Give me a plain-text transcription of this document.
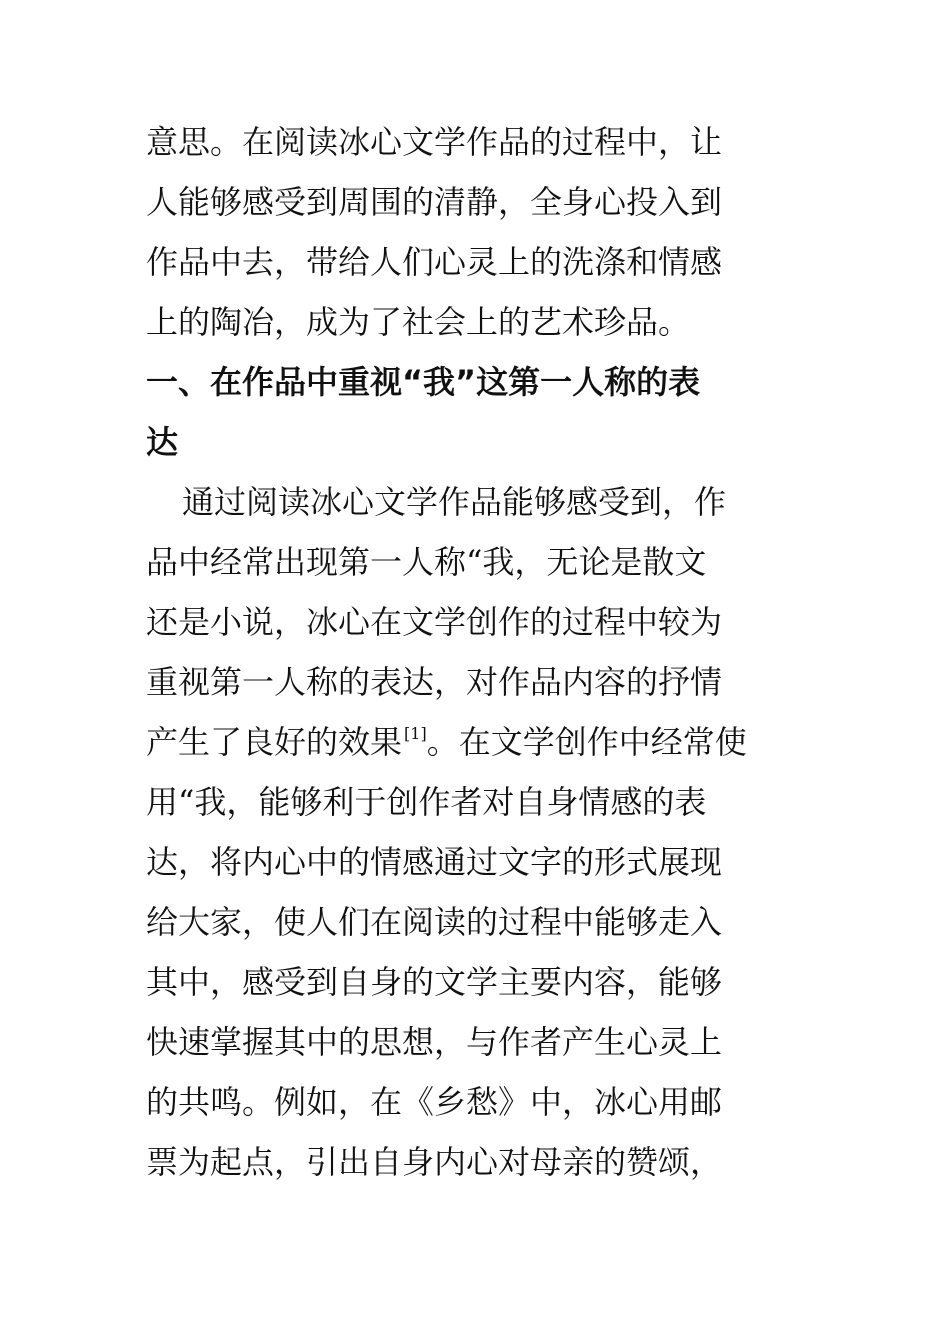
意思。在阅读冰心文学作品的过程中，让
人能够感受到周围的清静，全身心投入到
作品中去，带给人们心灵上的洗涤和情感
上的陶冶，成为了社会上的艺术珍品。
一、在作品中重视“我”这第一人称的表
达
通过阅读冰心文学作品能够感受到，作
品中经常出现第一人称“我，无论是散文
还是小说，冰心在文学创作的过程中较为
重视第一人称的表达，对作品内容的抒情
产生了良好的效果 [1]。在文学创作中经常使
用“我，能够利于创作者对自身情感的表
达，将内心中的情感通过文字的形式展现
给大家，使人们在阅读的过程中能够走入
其中，感受到自身的文学主要内容，能够
快速掌握其中的思想，与作者产生心灵上
的共鸣。例如，在《乡愁》中，冰心用邮
票为起点，引出自身内心对母亲的赞颂，
